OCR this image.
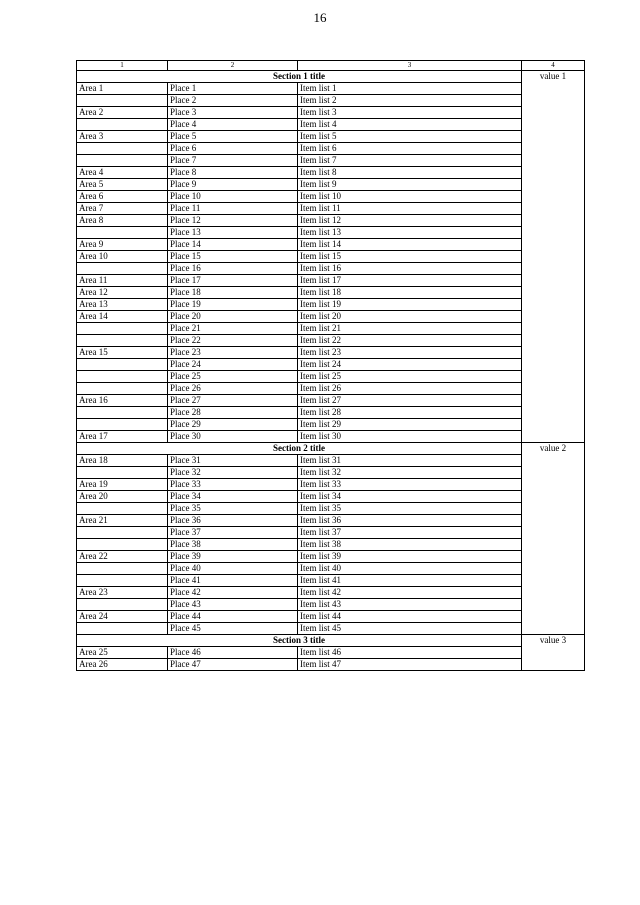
16
1	2	3	4
Section 1 title			value 1
Area 1	Place 1	Item list 1	
	Place 2	Item list 2	
Area 2	Place 3	Item list 3	
	Place 4	Item list 4	
Area 3	Place 5	Item list 5	
	Place 6	Item list 6	
	Place 7	Item list 7	
Area 4	Place 8	Item list 8	
Area 5	Place 9	Item list 9	
Area 6	Place 10	Item list 10	
Area 7	Place 11	Item list 11	
Area 8	Place 12	Item list 12	
	Place 13	Item list 13	
Area 9	Place 14	Item list 14	
Area 10	Place 15	Item list 15	
	Place 16	Item list 16	
Area 11	Place 17	Item list 17	
Area 12	Place 18	Item list 18	
Area 13	Place 19	Item list 19	
Area 14	Place 20	Item list 20	
	Place 21	Item list 21	
	Place 22	Item list 22	
Area 15	Place 23	Item list 23	
	Place 24	Item list 24	
	Place 25	Item list 25	
	Place 26	Item list 26	
Area 16	Place 27	Item list 27	
	Place 28	Item list 28	
	Place 29	Item list 29	
Area 17	Place 30	Item list 30	
Section 2 title			value 2
Area 18	Place 31	Item list 31	
	Place 32	Item list 32	
Area 19	Place 33	Item list 33	
Area 20	Place 34	Item list 34	
	Place 35	Item list 35	
Area 21	Place 36	Item list 36	
	Place 37	Item list 37	
	Place 38	Item list 38	
Area 22	Place 39	Item list 39	
	Place 40	Item list 40	
	Place 41	Item list 41	
Area 23	Place 42	Item list 42	
	Place 43	Item list 43	
Area 24	Place 44	Item list 44	
	Place 45	Item list 45	
Section 3 title			value 3
Area 25	Place 46	Item list 46	
Area 26	Place 47	Item list 47	
